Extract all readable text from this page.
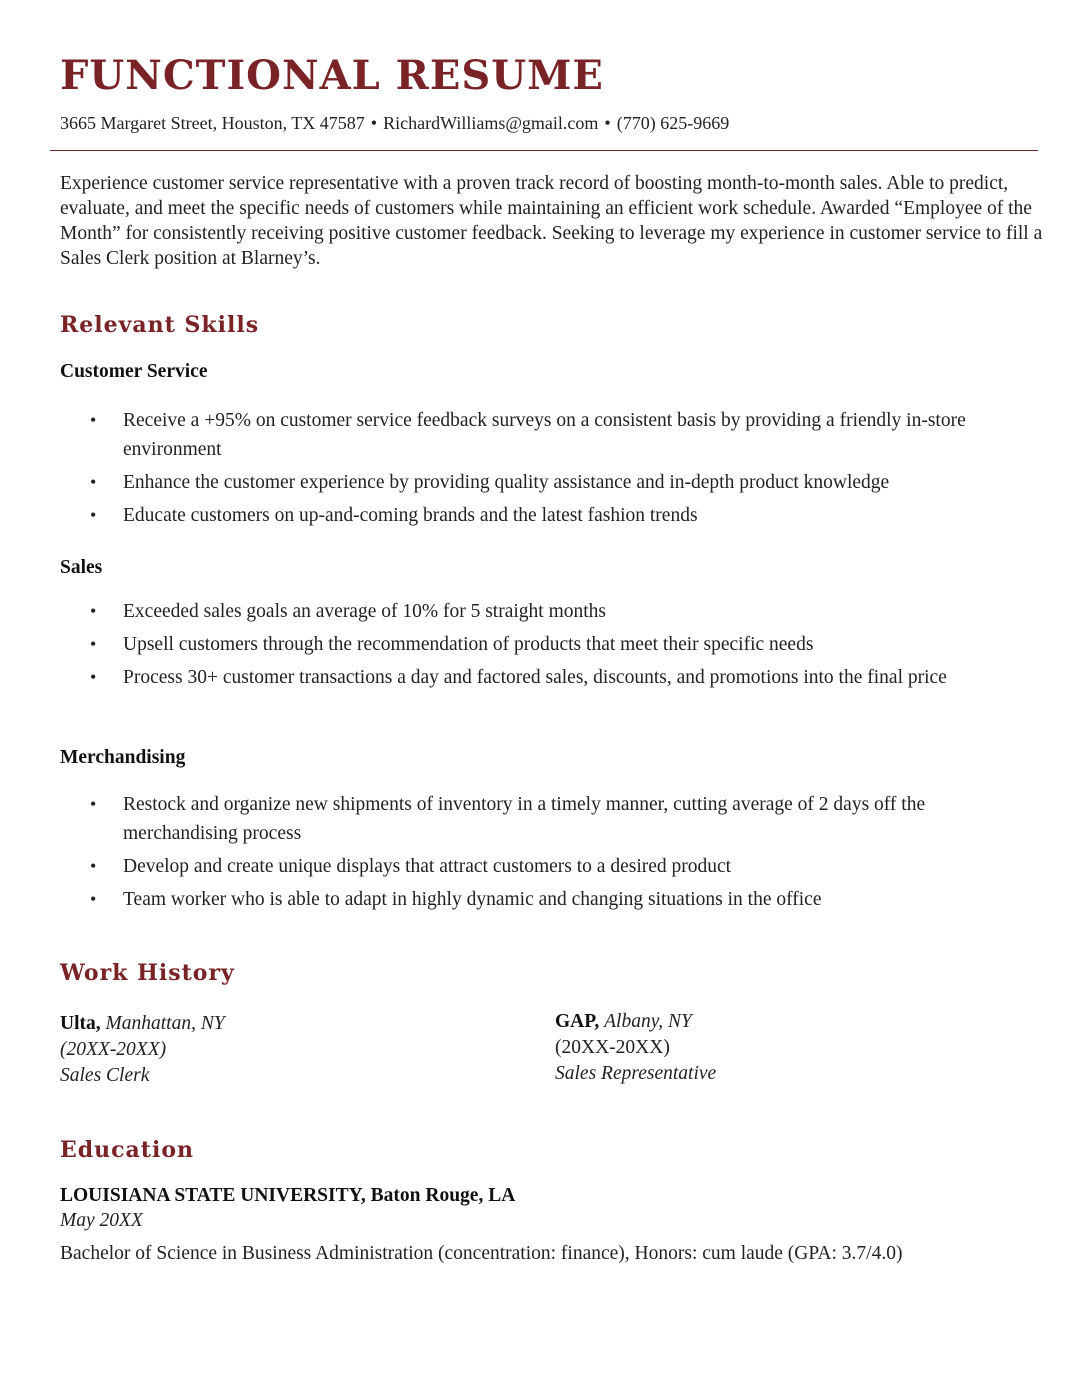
FUNCTIONAL RESUME
3665 Margaret Street, Houston, TX 47587 • RichardWilliams@gmail.com • (770) 625-9669

Experience customer service representative with a proven track record of boosting month-to-month sales. Able to predict, evaluate, and meet the specific needs of customers while maintaining an efficient work schedule. Awarded “Employee of the Month” for consistently receiving positive customer feedback. Seeking to leverage my experience in customer service to fill a Sales Clerk position at Blarney’s.

Relevant Skills
Customer Service
• Receive a +95% on customer service feedback surveys on a consistent basis by providing a friendly in-store environment
• Enhance the customer experience by providing quality assistance and in-depth product knowledge
• Educate customers on up-and-coming brands and the latest fashion trends
Sales
• Exceeded sales goals an average of 10% for 5 straight months
• Upsell customers through the recommendation of products that meet their specific needs
• Process 30+ customer transactions a day and factored sales, discounts, and promotions into the final price
Merchandising
• Restock and organize new shipments of inventory in a timely manner, cutting average of 2 days off the merchandising process
• Develop and create unique displays that attract customers to a desired product
• Team worker who is able to adapt in highly dynamic and changing situations in the office
Work History
Ulta, Manhattan, NY
(20XX-20XX)
Sales Clerk
GAP, Albany, NY
(20XX-20XX)
Sales Representative
Education
LOUISIANA STATE UNIVERSITY, Baton Rouge, LA
May 20XX
Bachelor of Science in Business Administration (concentration: finance), Honors: cum laude (GPA: 3.7/4.0)
